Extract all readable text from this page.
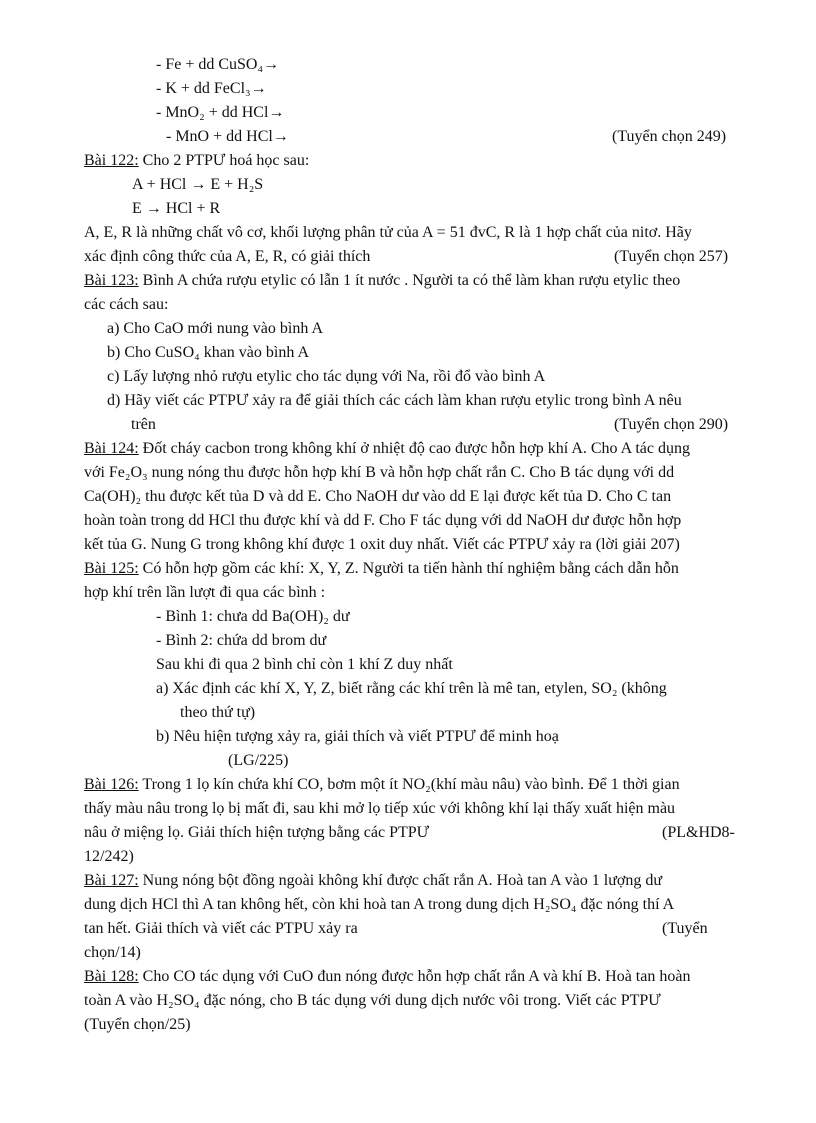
- Fe + dd CuSO₄→
- K + dd FeCl₃→
- MnO₂ + dd HCl→
- MnO + dd HCl→	(Tuyển chọn 249)
Bài 122: Cho 2 PTPƯ hoá học sau:
A + HCl → E + H₂S
E → HCl + R
A, E, R là những chất vô cơ, khối lượng phân tử của A = 51 đvC, R là 1 hợp chất của nitơ. Hãy
xác định công thức của A, E, R, có giải thích	(Tuyển chọn 257)
Bài 123: Bình A chứa rượu etylic có lẫn 1 ít nước . Người ta có thể làm khan rượu etylic theo
các cách sau:
a) Cho CaO mới nung vào bình A
b) Cho CuSO₄ khan vào bình A
c) Lấy lượng nhỏ rượu etylic cho tác dụng với Na, rồi đổ vào bình A
d) Hãy viết các PTPƯ xảy ra để giải thích các cách làm khan rượu etylic trong bình A nêu
trên	(Tuyển chọn 290)
Bài 124: Đốt cháy cacbon trong không khí ở nhiệt độ cao được hỗn hợp khí A. Cho A tác dụng
với Fe₂O₃ nung nóng thu được hỗn hợp khí B và hỗn hợp chất rắn C. Cho B tác dụng với dd
Ca(OH)₂ thu được kết tủa D và dd E. Cho NaOH dư vào dd E lại được kết tủa D. Cho C tan
hoàn toàn trong dd HCl thu được khí và dd F. Cho F tác dụng với dd NaOH dư được hỗn hợp
kết tủa G. Nung G trong không khí được 1 oxit duy nhất. Viết các PTPƯ xảy ra (lời giải 207)
Bài 125: Có hỗn hợp gồm các khí: X, Y, Z. Người ta tiến hành thí nghiệm bằng cách dẫn hỗn
hợp khí trên lần lượt đi qua các bình :
- Bình 1: chưa dd Ba(OH)₂ dư
- Bình 2: chứa dd brom dư
Sau khi đi qua 2 bình chỉ còn 1 khí Z duy nhất
a) Xác định các khí X, Y, Z, biết rằng các khí trên là mê tan, etylen, SO₂ (không
theo thứ tự)
b) Nêu hiện tượng xảy ra, giải thích và viết PTPƯ để minh hoạ
(LG/225)
Bài 126: Trong 1 lọ kín chứa khí CO, bơm một ít NO₂(khí màu nâu) vào bình. Để 1 thời gian
thấy màu nâu trong lọ bị mất đi, sau khi mở lọ tiếp xúc với không khí lại thấy xuất hiện màu
nâu ở miệng lọ. Giải thích hiện tượng bằng các PTPƯ	(PL&HD8-
12/242)
Bài 127: Nung nóng bột đồng ngoài không khí được chất rắn A. Hoà tan A vào 1 lượng dư
dung dịch HCl thì A tan không hết, còn khi hoà tan A trong dung dịch H₂SO₄ đặc nóng thí A
tan hết. Giải thích và viết các PTPU xảy ra	(Tuyển
chọn/14)
Bài 128: Cho CO tác dụng với CuO đun nóng được hỗn hợp chất rắn A và khí B. Hoà tan hoàn
toàn A vào H₂SO₄ đặc nóng, cho B tác dụng với dung dịch nước vôi trong. Viết các PTPƯ
(Tuyển chọn/25)
